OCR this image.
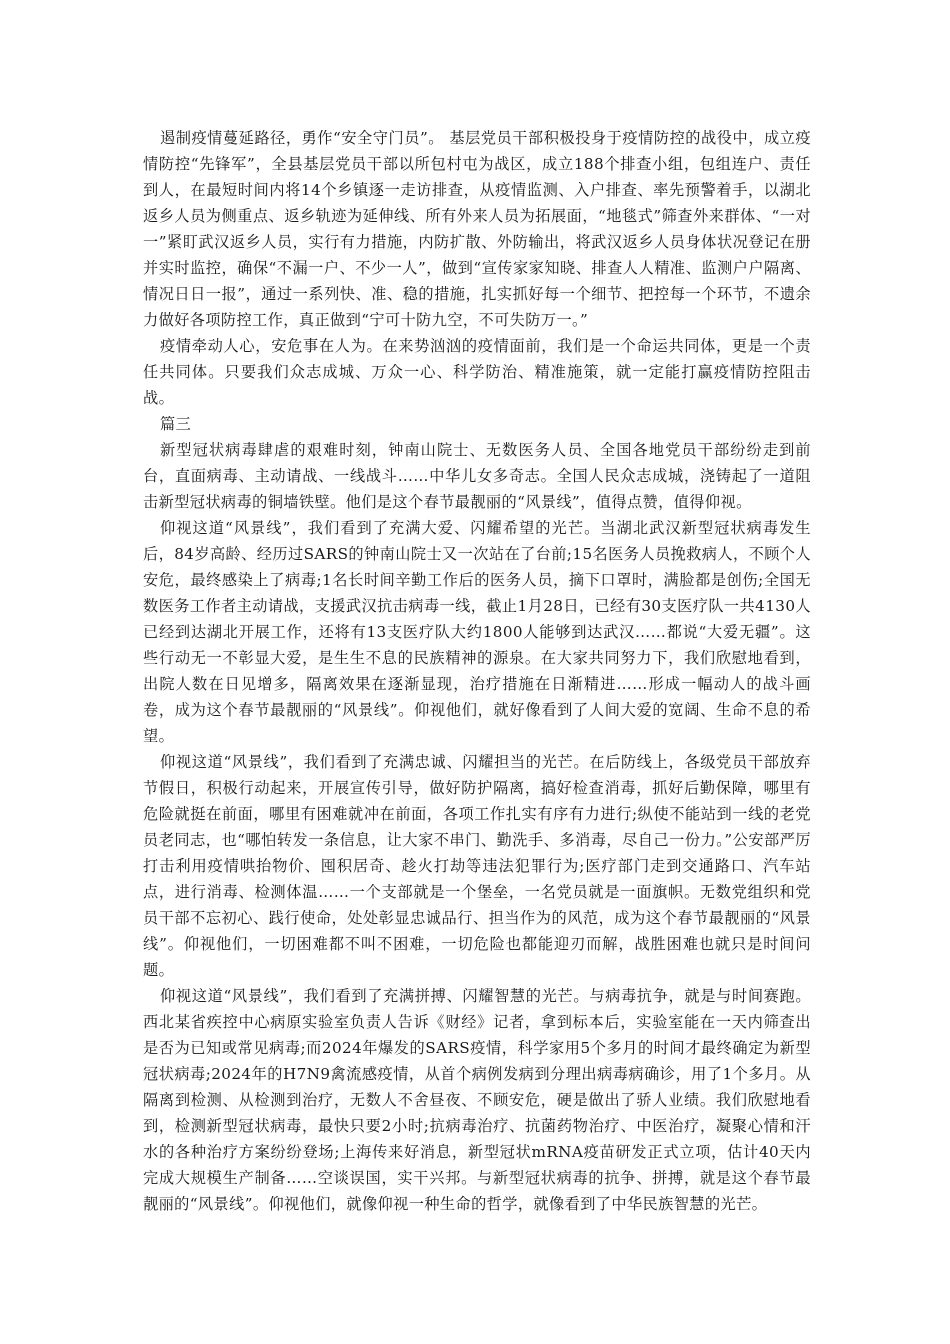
遏制疫情蔓延路径，勇作“安全守门员”。 基层党员干部积极投身于疫情防控的战役中，成立疫情防控“先锋军”，全县基层党员干部以所包村屯为战区，成立188个排查小组，包组连户、责任到人，在最短时间内将14个乡镇逐一走访排查，从疫情监测、入户排查、率先预警着手，以湖北返乡人员为侧重点、返乡轨迹为延伸线、所有外来人员为拓展面，“地毯式”筛查外来群体、“一对一”紧盯武汉返乡人员，实行有力措施，内防扩散、外防输出，将武汉返乡人员身体状况登记在册并实时监控，确保“不漏一户、不少一人”，做到“宣传家家知晓、排查人人精准、监测户户隔离、情况日日一报”，通过一系列快、准、稳的措施，扎实抓好每一个细节、把控每一个环节，不遗余力做好各项防控工作，真正做到“宁可十防九空，不可失防万一。”

疫情牵动人心，安危事在人为。在来势汹汹的疫情面前，我们是一个命运共同体，更是一个责任共同体。只要我们众志成城、万众一心、科学防治、精准施策，就一定能打赢疫情防控阻击战。

篇三

新型冠状病毒肆虐的艰难时刻，钟南山院士、无数医务人员、全国各地党员干部纷纷走到前台，直面病毒、主动请战、一线战斗……中华儿女多奇志。全国人民众志成城，浇铸起了一道阻击新型冠状病毒的铜墙铁壁。他们是这个春节最靓丽的“风景线”，值得点赞，值得仰视。

仰视这道“风景线”，我们看到了充满大爱、闪耀希望的光芒。当湖北武汉新型冠状病毒发生后，84岁高龄、经历过SARS的钟南山院士又一次站在了台前;15名医务人员挽救病人，不顾个人安危，最终感染上了病毒;1名长时间辛勤工作后的医务人员，摘下口罩时，满脸都是创伤;全国无数医务工作者主动请战，支援武汉抗击病毒一线，截止1月28日，已经有30支医疗队一共4130人已经到达湖北开展工作，还将有13支医疗队大约1800人能够到达武汉……都说“大爱无疆”。这些行动无一不彰显大爱，是生生不息的民族精神的源泉。在大家共同努力下，我们欣慰地看到，出院人数在日见增多，隔离效果在逐渐显现，治疗措施在日渐精进……形成一幅动人的战斗画卷，成为这个春节最靓丽的“风景线”。仰视他们，就好像看到了人间大爱的宽阔、生命不息的希望。

仰视这道“风景线”，我们看到了充满忠诚、闪耀担当的光芒。在后防线上，各级党员干部放弃节假日，积极行动起来，开展宣传引导，做好防护隔离，搞好检查消毒，抓好后勤保障，哪里有危险就挺在前面，哪里有困难就冲在前面，各项工作扎实有序有力进行;纵使不能站到一线的老党员老同志，也“哪怕转发一条信息，让大家不串门、勤洗手、多消毒，尽自己一份力。”公安部严厉打击利用疫情哄抬物价、囤积居奇、趁火打劫等违法犯罪行为;医疗部门走到交通路口、汽车站点，进行消毒、检测体温……一个支部就是一个堡垒，一名党员就是一面旗帜。无数党组织和党员干部不忘初心、践行使命，处处彰显忠诚品行、担当作为的风范，成为这个春节最靓丽的“风景线”。仰视他们，一切困难都不叫不困难，一切危险也都能迎刃而解，战胜困难也就只是时间问题。

仰视这道“风景线”，我们看到了充满拼搏、闪耀智慧的光芒。与病毒抗争，就是与时间赛跑。西北某省疾控中心病原实验室负责人告诉《财经》记者，拿到标本后，实验室能在一天内筛查出是否为已知或常见病毒;而2024年爆发的SARS疫情，科学家用5个多月的时间才最终确定为新型冠状病毒;2024年的H7N9禽流感疫情，从首个病例发病到分理出病毒病确诊，用了1个多月。从隔离到检测、从检测到治疗，无数人不舍昼夜、不顾安危，硬是做出了骄人业绩。我们欣慰地看到，检测新型冠状病毒，最快只要2小时;抗病毒治疗、抗菌药物治疗、中医治疗，凝聚心情和汗水的各种治疗方案纷纷登场;上海传来好消息，新型冠状mRNA疫苗研发正式立项，估计40天内完成大规模生产制备……空谈误国，实干兴邦。与新型冠状病毒的抗争、拼搏，就是这个春节最靓丽的“风景线”。仰视他们，就像仰视一种生命的哲学，就像看到了中华民族智慧的光芒。
